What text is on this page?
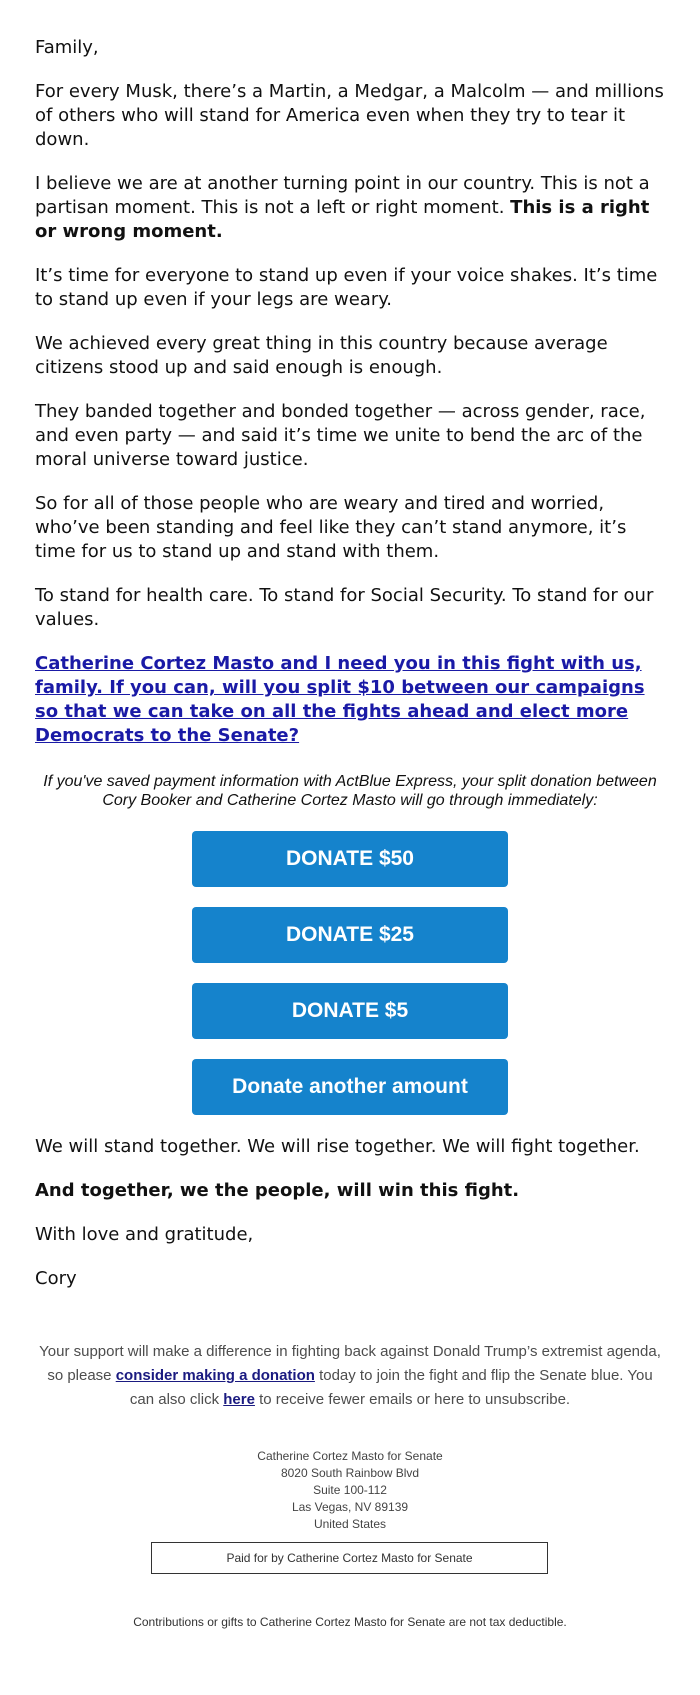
Family,

For every Musk, there’s a Martin, a Medgar, a Malcolm — and millions of others who will stand for America even when they try to tear it down.

I believe we are at another turning point in our country. This is not a partisan moment. This is not a left or right moment. This is a right or wrong moment.

It’s time for everyone to stand up even if your voice shakes. It’s time to stand up even if your legs are weary.

We achieved every great thing in this country because average citizens stood up and said enough is enough.

They banded together and bonded together — across gender, race, and even party — and said it’s time we unite to bend the arc of the moral universe toward justice.

So for all of those people who are weary and tired and worried, who’ve been standing and feel like they can’t stand anymore, it’s time for us to stand up and stand with them.

To stand for health care. To stand for Social Security. To stand for our values.

Catherine Cortez Masto and I need you in this fight with us, family. If you can, will you split $10 between our campaigns so that we can take on all the fights ahead and elect more Democrats to the Senate?

If you've saved payment information with ActBlue Express, your split donation between Cory Booker and Catherine Cortez Masto will go through immediately:

DONATE $50
DONATE $25
DONATE $5
Donate another amount

We will stand together. We will rise together. We will fight together.

And together, we the people, will win this fight.

With love and gratitude,

Cory

Your support will make a difference in fighting back against Donald Trump’s extremist agenda, so please consider making a donation today to join the fight and flip the Senate blue. You can also click here to receive fewer emails or here to unsubscribe.
Catherine Cortez Masto for Senate
8020 South Rainbow Blvd
Suite 100-112
Las Vegas, NV 89139
United States
Paid for by Catherine Cortez Masto for Senate
Contributions or gifts to Catherine Cortez Masto for Senate are not tax deductible.
